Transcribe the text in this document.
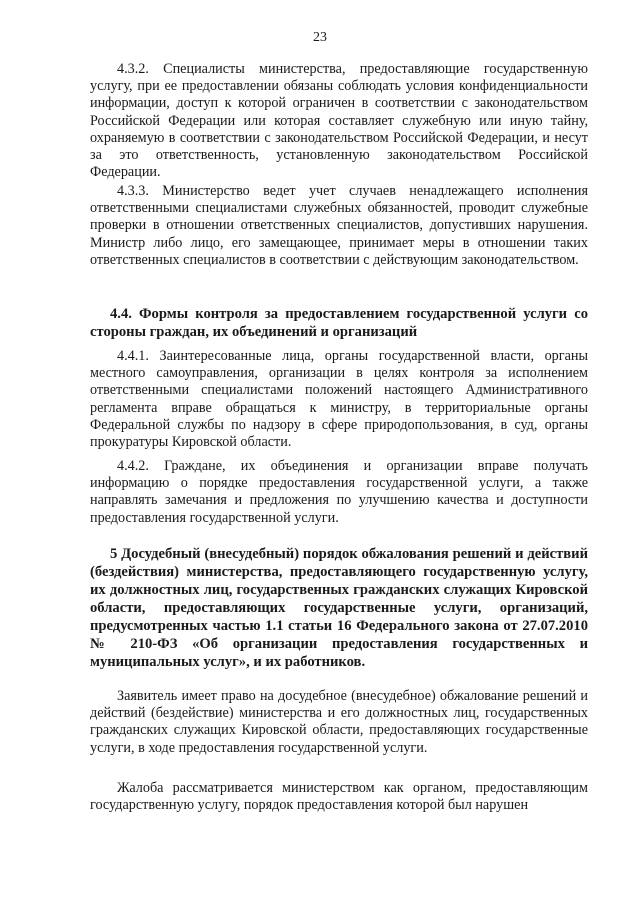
23

4.3.2. Специалисты министерства, предоставляющие государственную услугу, при ее предоставлении обязаны соблюдать условия конфиденциальности информации, доступ к которой ограничен в соответствии с законодательством Российской Федерации или которая составляет служебную или иную тайну, охраняемую в соответствии с законодательством Российской Федерации, и несут за это ответственность, установленную законодательством Российской Федерации.

4.3.3. Министерство ведет учет случаев ненадлежащего исполнения ответственными специалистами служебных обязанностей, проводит служебные проверки в отношении ответственных специалистов, допустивших нарушения. Министр либо лицо, его замещающее, принимает меры в отношении таких ответственных специалистов в соответствии с действующим законодательством.

4.4. Формы контроля за предоставлением государственной услуги со стороны граждан, их объединений и организаций

4.4.1. Заинтересованные лица, органы государственной власти, органы местного самоуправления, организации в целях контроля за исполнением ответственными специалистами положений настоящего Административного регламента вправе обращаться к министру, в территориальные органы Федеральной службы по надзору в сфере природопользования, в суд, органы прокуратуры Кировской области.

4.4.2. Граждане, их объединения и организации вправе получать информацию о порядке предоставления государственной услуги, а также направлять замечания и предложения по улучшению качества и доступности предоставления государственной услуги.

5 Досудебный (внесудебный) порядок обжалования решений и действий (бездействия) министерства, предоставляющего государственную услугу, их должностных лиц, государственных гражданских служащих Кировской области, предоставляющих государственные услуги, организаций, предусмотренных частью 1.1 статьи 16 Федерального закона от 27.07.2010 № 210-ФЗ «Об организации предоставления государственных и муниципальных услуг», и их работников.

Заявитель имеет право на досудебное (внесудебное) обжалование решений и действий (бездействие) министерства и его должностных лиц, государственных гражданских служащих Кировской области, предоставляющих государственные услуги, в ходе предоставления государственной услуги.

Жалоба рассматривается министерством как органом, предоставляющим государственную услугу, порядок предоставления которой был нарушен
